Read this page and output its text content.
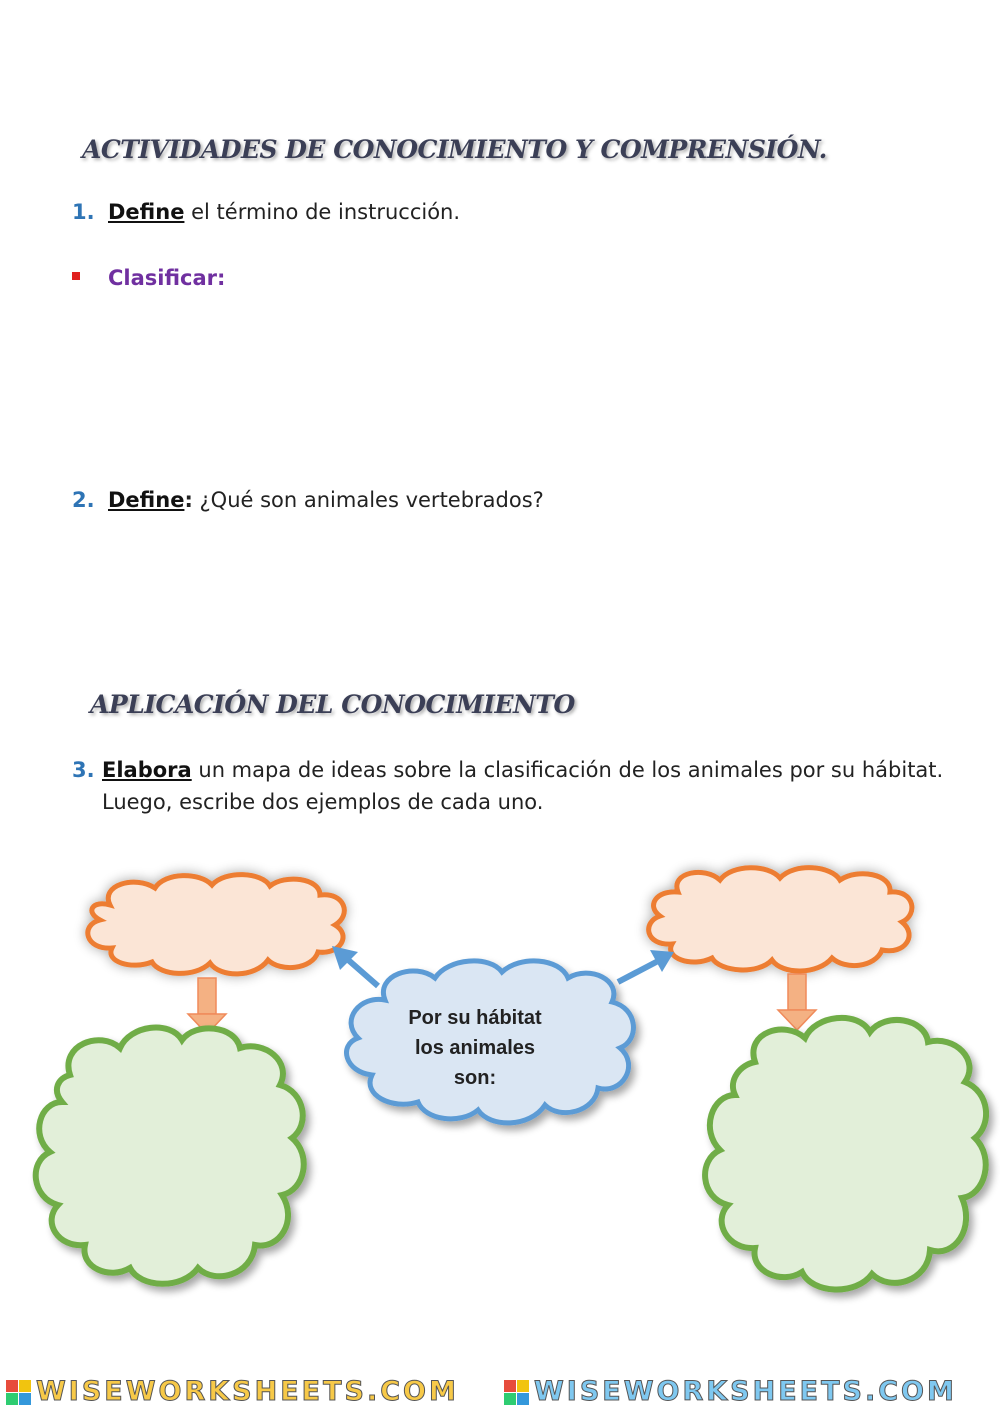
ACTIVIDADES DE CONOCIMIENTO Y COMPRENSIÓN.
1. Define el término de instrucción.
Clasificar:
2. Define: ¿Qué son animales vertebrados?
APLICACIÓN DEL CONOCIMIENTO
3. Elabora un mapa de ideas sobre la clasificación de los animales por su hábitat.
Luego, escribe dos ejemplos de cada uno.
Por su hábitat
los animales
son:
WISEWORKSHEETS.COM	WISEWORKSHEETS.COM
